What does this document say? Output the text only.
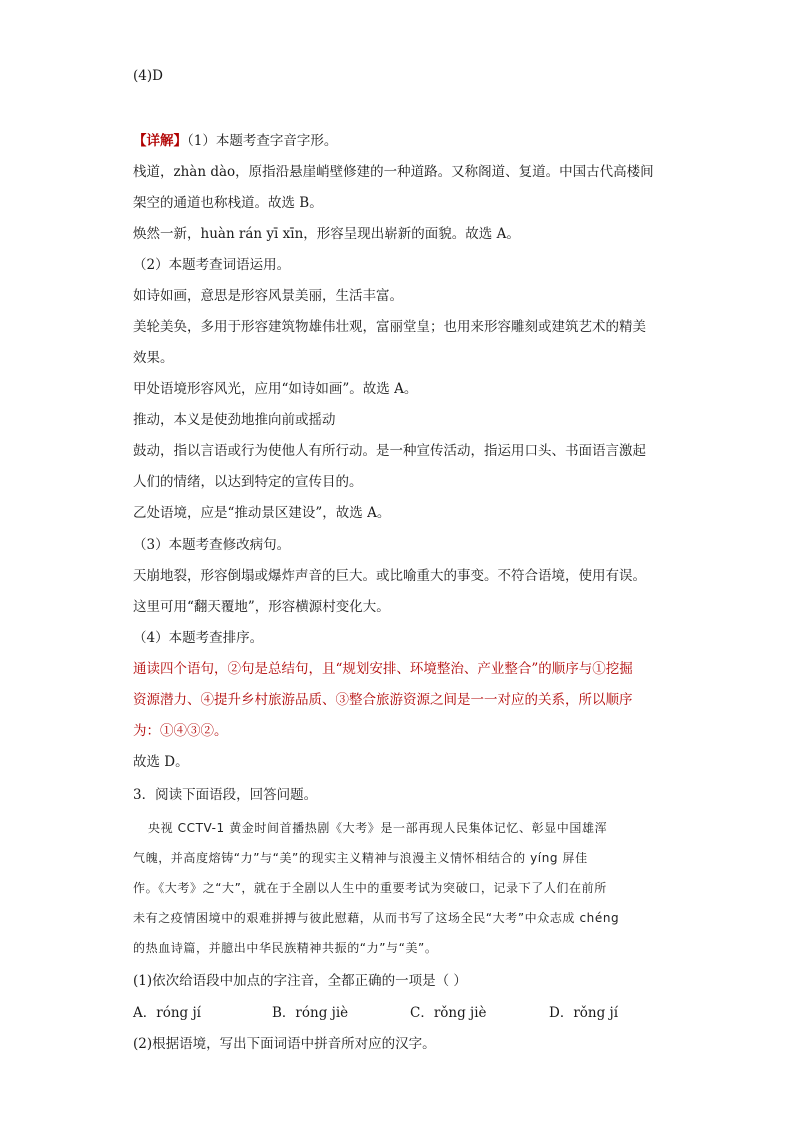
(4)D
【详解】（1）本题考查字音字形。
栈道，zhàn dào，原指沿悬崖峭壁修建的一种道路。又称阁道、复道。中国古代高楼间
架空的通道也称栈道。故选 B。
焕然一新，huàn rán yī xīn，形容呈现出崭新的面貌。故选 A。
（2）本题考查词语运用。
如诗如画，意思是形容风景美丽，生活丰富。
美轮美奂，多用于形容建筑物雄伟壮观，富丽堂皇；也用来形容雕刻或建筑艺术的精美
效果。
甲处语境形容风光，应用“如诗如画”。故选 A。
推动，本义是使劲地推向前或摇动
鼓动，指以言语或行为使他人有所行动。是一种宣传活动，指运用口头、书面语言激起
人们的情绪，以达到特定的宣传目的。
乙处语境，应是“推动景区建设”，故选 A。
（3）本题考查修改病句。
天崩地裂，形容倒塌或爆炸声音的巨大。或比喻重大的事变。不符合语境，使用有误。
这里可用“翻天覆地”，形容横源村变化大。
（4）本题考查排序。
通读四个语句，②句是总结句，且“规划安排、环境整治、产业整合”的顺序与①挖掘
资源潜力、④提升乡村旅游品质、③整合旅游资源之间是一一对应的关系，所以顺序
为：①④③②。
故选 D。
3．阅读下面语段，回答问题。
央视 CCTV-1 黄金时间首播热剧《大考》是一部再现人民集体记忆、彰显中国雄浑
气魄，并高度熔铸“力”与“美”的现实主义精神与浪漫主义情怀相结合的 yíng 屏佳
作。《大考》之“大”，就在于全剧以人生中的重要考试为突破口，记录下了人们在前所
未有之疫情困境中的艰难拼搏与彼此慰藉，从而书写了这场全民“大考”中众志成 chéng
的热血诗篇，并臆出中华民族精神共振的“力”与“美”。
(1)依次给语段中加点的字注音，全都正确的一项是（ ）
A．róng jí	B．róng jiè	C．rǒng jiè	D．rǒng jí
(2)根据语境，写出下面词语中拼音所对应的汉字。
